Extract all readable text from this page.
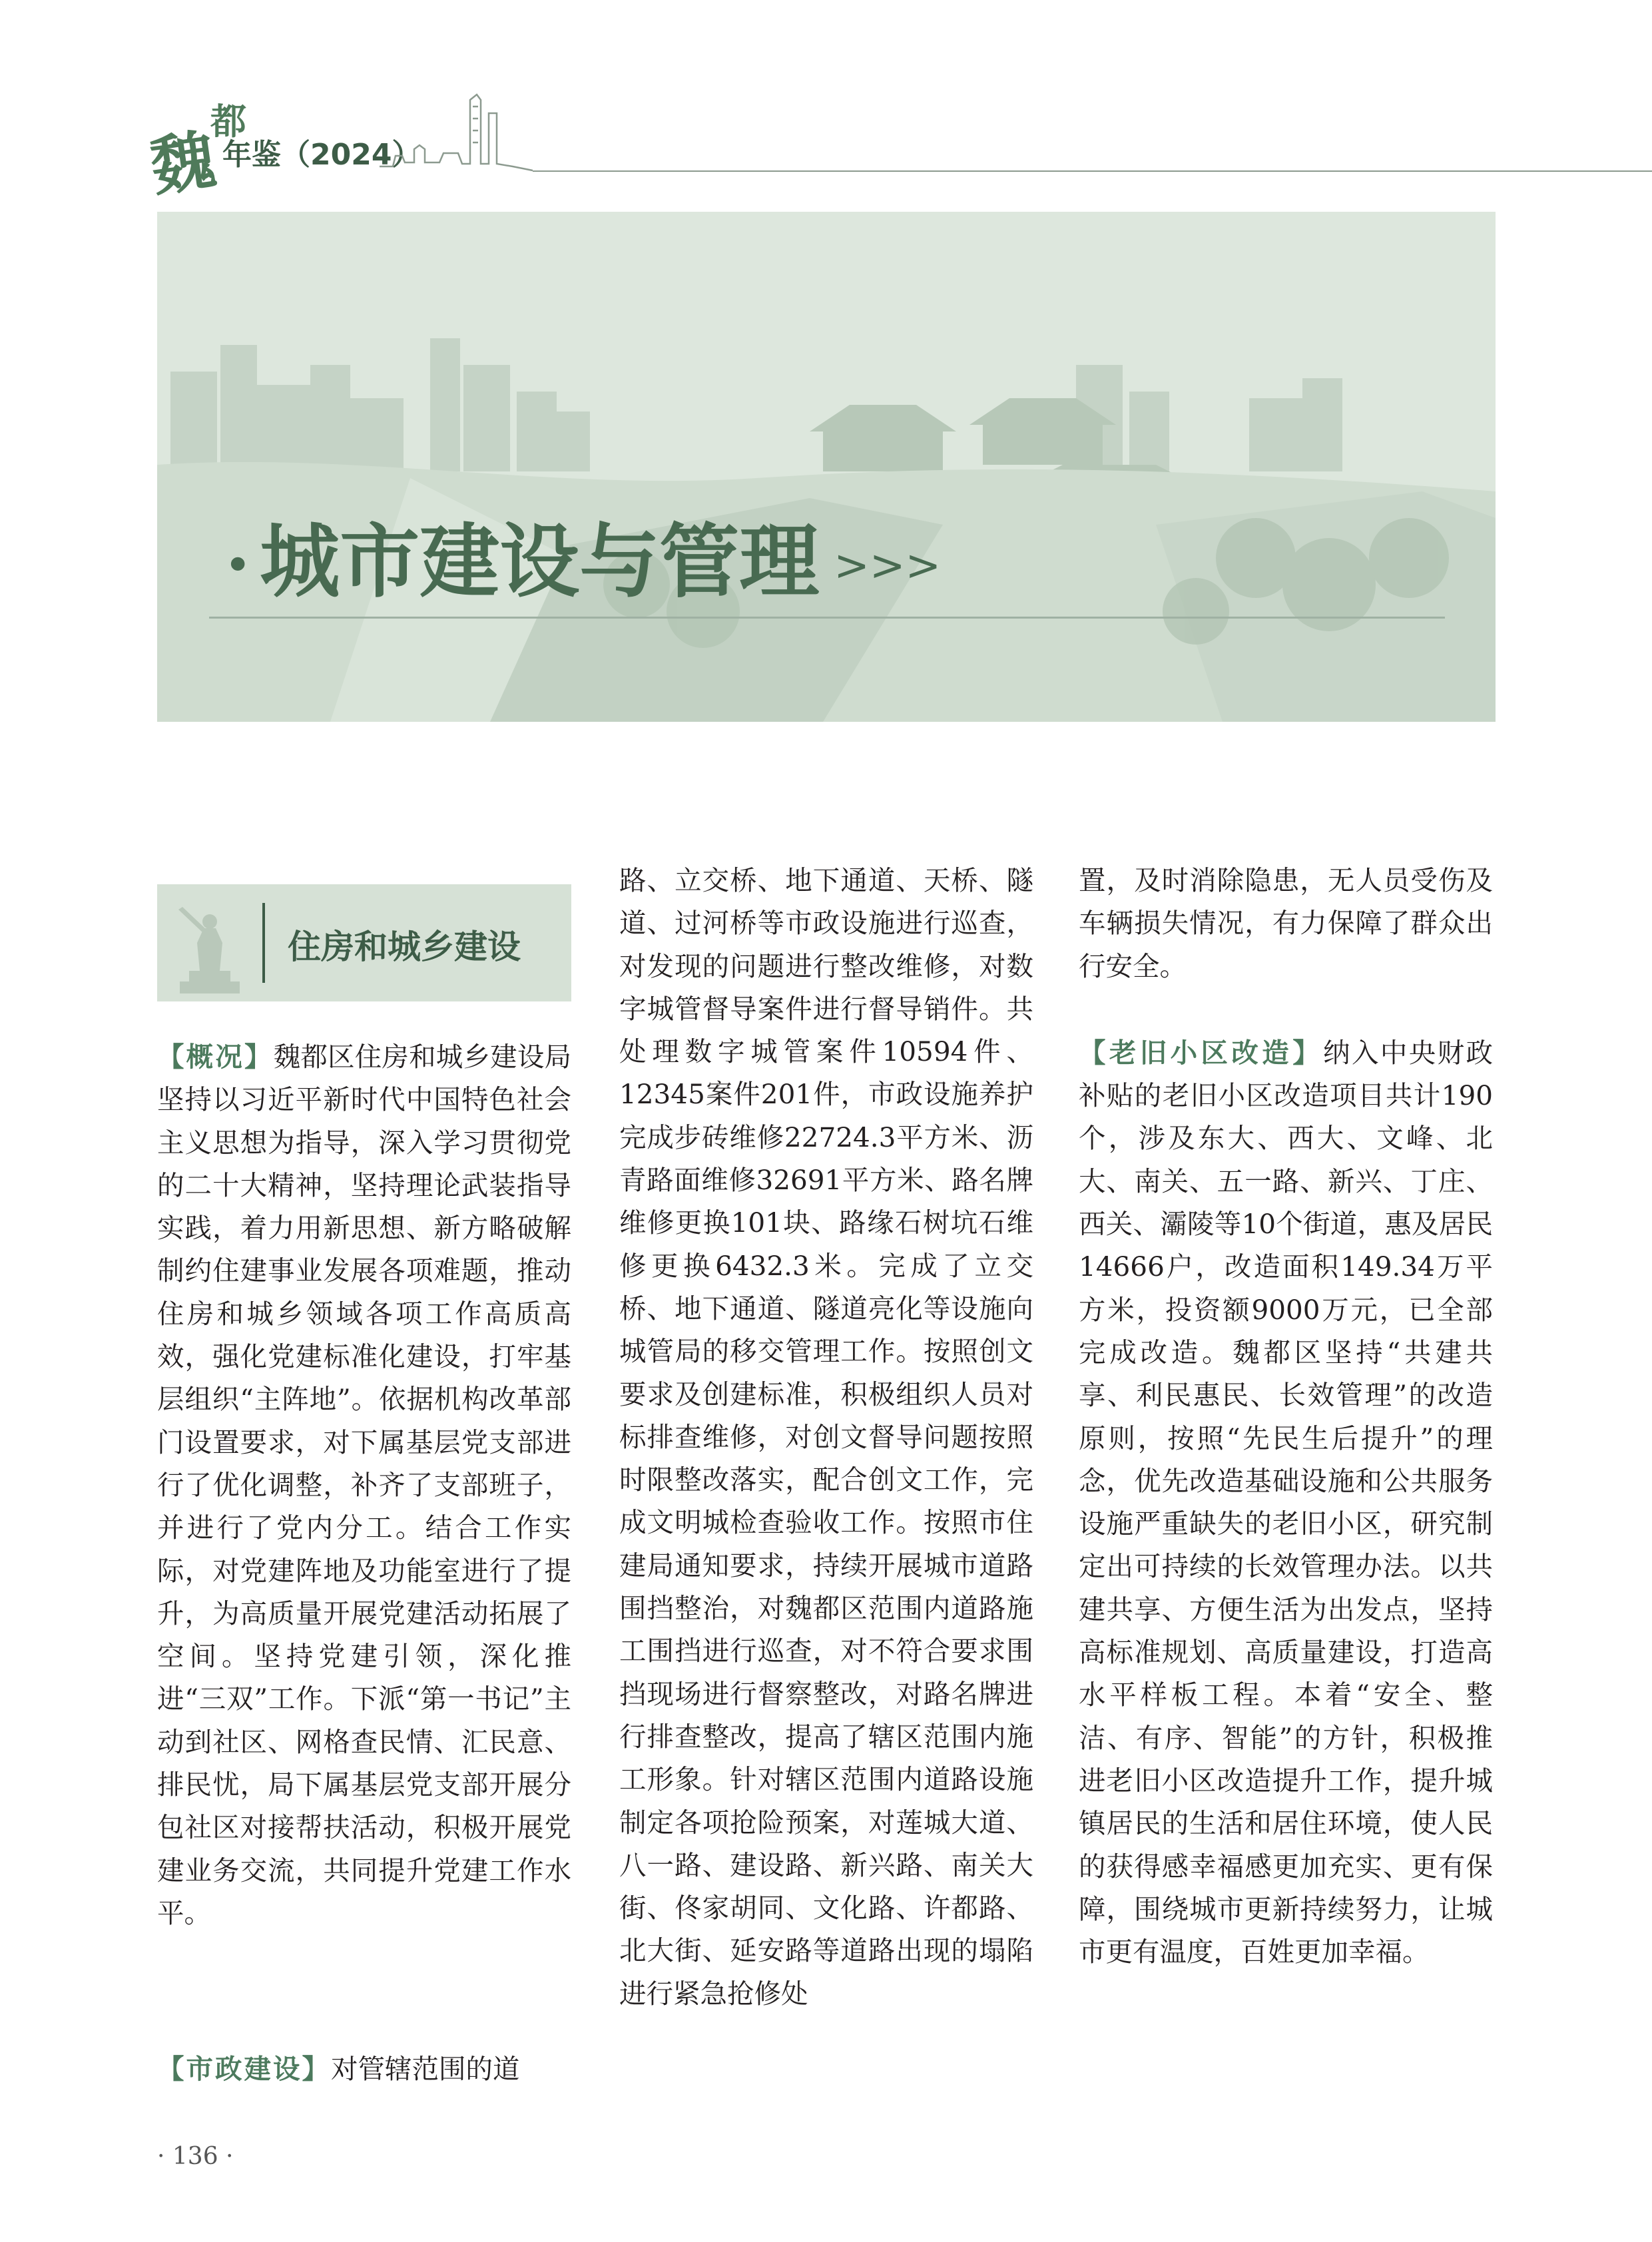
魏
都
年鉴（2024）
· 城市建设与管理 >>>
住房和城乡建设

【概况】魏都区住房和城乡建设局坚持以习近平新时代中国特色社会主义思想为指导，深入学习贯彻党的二十大精神，坚持理论武装指导实践，着力用新思想、新方略破解制约住建事业发展各项难题，推动住房和城乡领域各项工作高质高效，强化党建标准化建设，打牢基层组织“主阵地”。依据机构改革部门设置要求，对下属基层党支部进行了优化调整，补齐了支部班子，并进行了党内分工。结合工作实际，对党建阵地及功能室进行了提升，为高质量开展党建活动拓展了空间。坚持党建引领，深化推进“三双”工作。下派“第一书记”主动到社区、网格查民情、汇民意、排民忧，局下属基层党支部开展分包社区对接帮扶活动，积极开展党建业务交流，共同提升党建工作水平。

【市政建设】对管辖范围的道

路、立交桥、地下通道、天桥、隧道、过河桥等市政设施进行巡查，对发现的问题进行整改维修，对数字城管督导案件进行督导销件。共处理数字城管案件10594件、12345案件201件，市政设施养护完成步砖维修22724.3平方米、沥青路面维修32691平方米、路名牌维修更换101块、路缘石树坑石维修更换6432.3米。完成了立交桥、地下通道、隧道亮化等设施向城管局的移交管理工作。按照创文要求及创建标准，积极组织人员对标排查维修，对创文督导问题按照时限整改落实，配合创文工作，完成文明城检查验收工作。按照市住建局通知要求，持续开展城市道路围挡整治，对魏都区范围内道路施工围挡进行巡查，对不符合要求围挡现场进行督察整改，对路名牌进行排查整改，提高了辖区范围内施工形象。针对辖区范围内道路设施制定各项抢险预案，对莲城大道、八一路、建设路、新兴路、南关大街、佟家胡同、文化路、许都路、北大街、延安路等道路出现的塌陷进行紧急抢修处

置，及时消除隐患，无人员受伤及车辆损失情况，有力保障了群众出行安全。

【老旧小区改造】纳入中央财政补贴的老旧小区改造项目共计190个，涉及东大、西大、文峰、北大、南关、五一路、新兴、丁庄、西关、灞陵等10个街道，惠及居民14666户，改造面积149.34万平方米，投资额9000万元，已全部完成改造。魏都区坚持“共建共享、利民惠民、长效管理”的改造原则，按照“先民生后提升”的理念，优先改造基础设施和公共服务设施严重缺失的老旧小区，研究制定出可持续的长效管理办法。以共建共享、方便生活为出发点，坚持高标准规划、高质量建设，打造高水平样板工程。本着“安全、整洁、有序、智能”的方针，积极推进老旧小区改造提升工作，提升城镇居民的生活和居住环境，使人民的获得感幸福感更加充实、更有保障，围绕城市更新持续努力，让城市更有温度，百姓更加幸福。

· 136 ·
